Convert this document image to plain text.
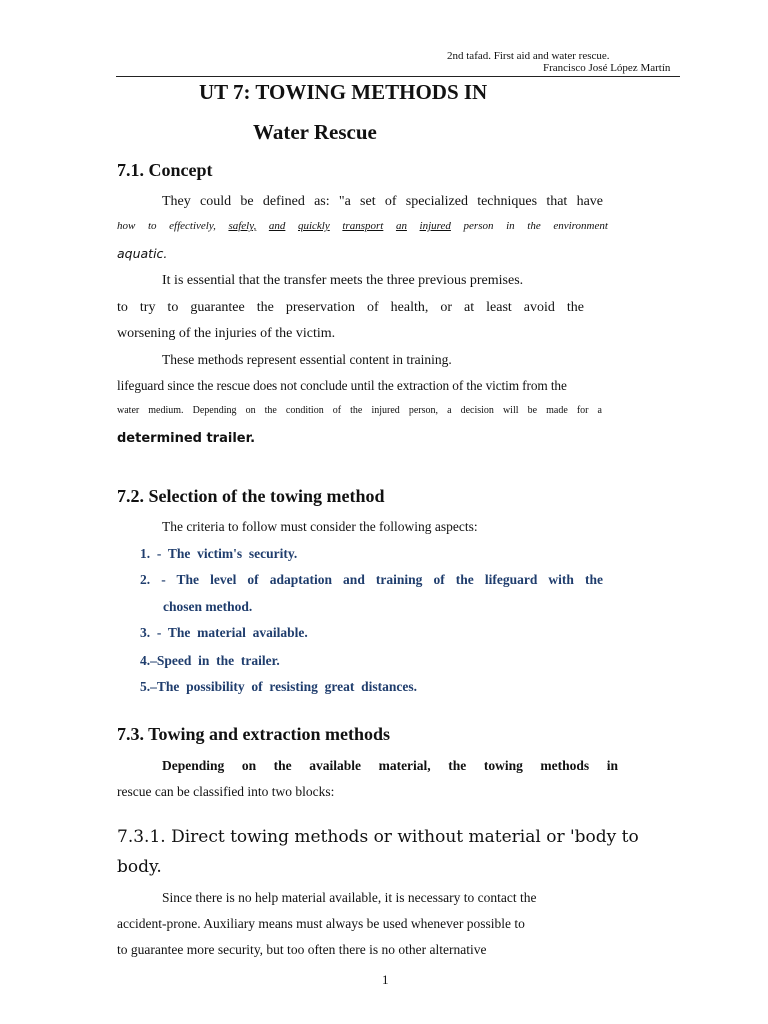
2nd tafad. First aid and water rescue.
Francisco José López Martín
UT 7: TOWING METHODS IN
Water Rescue
7.1. Concept
They could be defined as: "a set of specialized techniques that have
how to effectively, safely, and quickly transport an injured person in the environment
aquatic.
It is essential that the transfer meets the three previous premises.
to try to guarantee the preservation of health, or at least avoid the
worsening of the injuries of the victim.
These methods represent essential content in training.
lifeguard since the rescue does not conclude until the extraction of the victim from the
water medium. Depending on the condition of the injured person, a decision will be made for a
determined trailer.
7.2. Selection of the towing method
The criteria to follow must consider the following aspects:
1.  -  The  victim's  security.
2.  -  The  level  of  adaptation  and  training  of  the  lifeguard  with  the
chosen method.
3.  -  The  material  available.
4.–Speed  in  the  trailer.
5.–The  possibility  of  resisting  great  distances.
7.3. Towing and extraction methods
Depending on the available material, the towing methods in
rescue can be classified into two blocks:
7.3.1. Direct towing methods or without material or 'body to
body.
Since there is no help material available, it is necessary to contact the
accident-prone. Auxiliary means must always be used whenever possible to
to guarantee more security, but too often there is no other alternative
1
